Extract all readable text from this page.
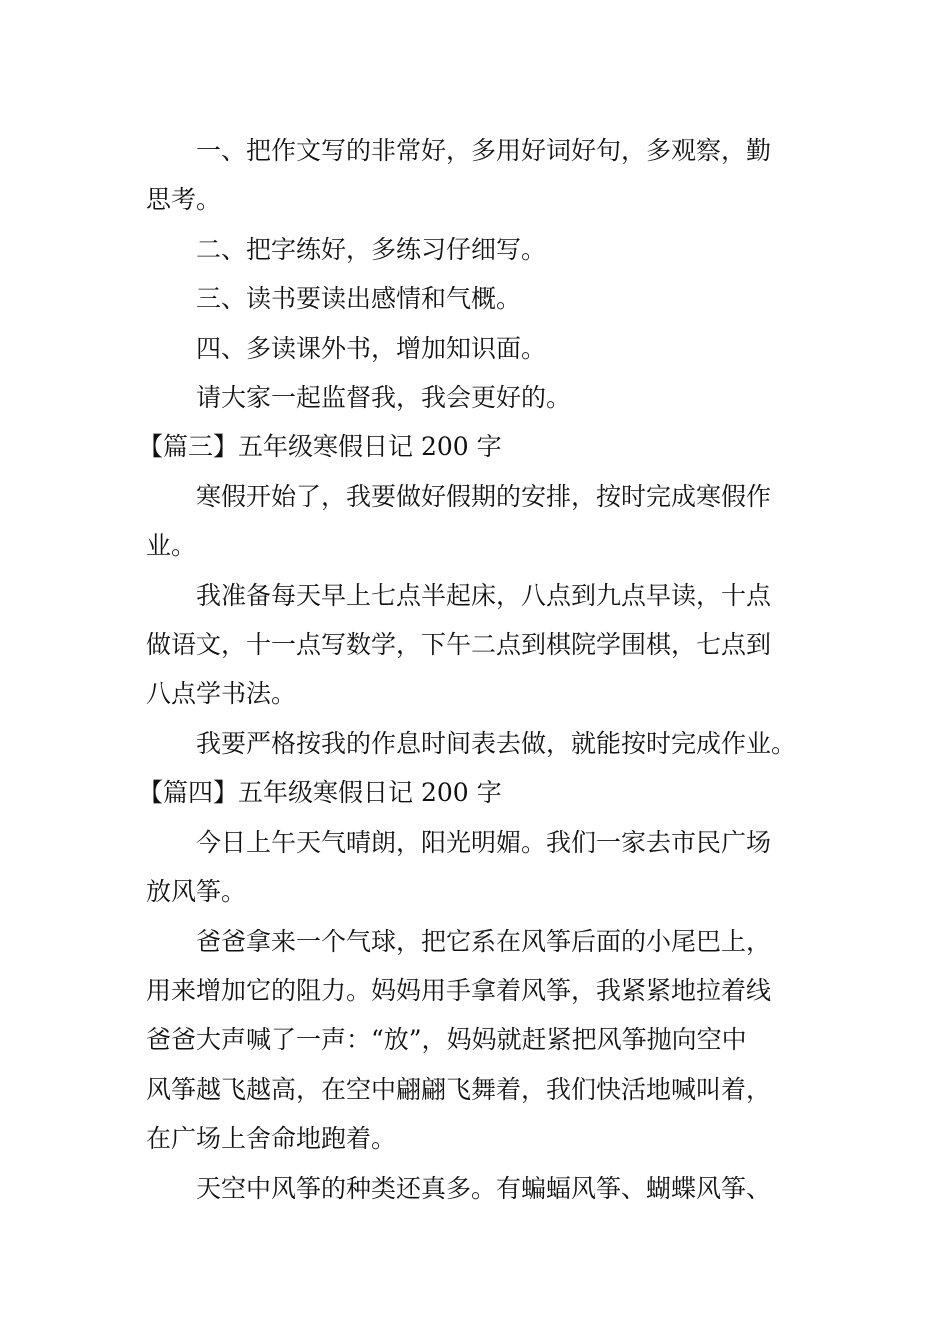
一、把作文写的非常好，多用好词好句，多观察，勤
思考。
二、把字练好，多练习仔细写。
三、读书要读出感情和气概。
四、多读课外书，增加知识面。
请大家一起监督我，我会更好的。
【篇三】五年级寒假日记 200 字
寒假开始了，我要做好假期的安排，按时完成寒假作
业。
我准备每天早上七点半起床，八点到九点早读，十点
做语文，十一点写数学，下午二点到棋院学围棋，七点到
八点学书法。
我要严格按我的作息时间表去做，就能按时完成作业。
【篇四】五年级寒假日记 200 字
今日上午天气晴朗，阳光明媚。我们一家去市民广场
放风筝。
爸爸拿来一个气球，把它系在风筝后面的小尾巴上，
用来增加它的阻力。妈妈用手拿着风筝，我紧紧地拉着线
爸爸大声喊了一声：“放”，妈妈就赶紧把风筝抛向空中
风筝越飞越高，在空中翩翩飞舞着，我们快活地喊叫着，
在广场上舍命地跑着。
天空中风筝的种类还真多。有蝙蝠风筝、蝴蝶风筝、
